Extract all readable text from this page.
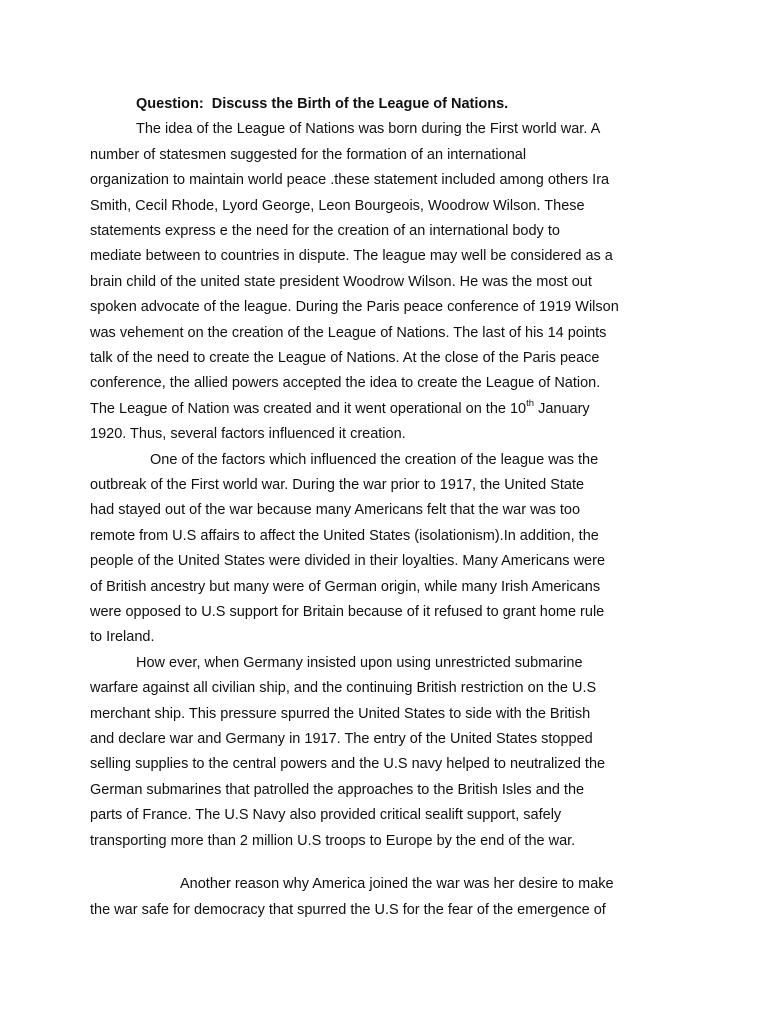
Question:  Discuss the Birth of the League of Nations.
The idea of the League of Nations was born during the First world war. A
number of statesmen suggested for the formation of an international
organization to maintain world peace .these statement included among others Ira
Smith, Cecil Rhode, Lyord George, Leon Bourgeois, Woodrow Wilson. These
statements express e the need for the creation of an international body to
mediate between to countries in dispute. The league may well be considered as a
brain child of the united state president Woodrow Wilson. He was the most out
spoken advocate of the league. During the Paris peace conference of 1919 Wilson
was vehement on the creation of the League of Nations. The last of his 14 points
talk of the need to create the League of Nations. At the close of the Paris peace
conference, the allied powers accepted the idea to create the League of Nation.
The League of Nation was created and it went operational on the 10th January
1920. Thus, several factors influenced it creation.
One of the factors which influenced the creation of the league was the
outbreak of the First world war. During the war prior to 1917, the United State
had stayed out of the war because many Americans felt that the war was too
remote from U.S affairs to affect the United States (isolationism).In addition, the
people of the United States were divided in their loyalties. Many Americans were
of British ancestry but many were of German origin, while many Irish Americans
were opposed to U.S support for Britain because of it refused to grant home rule
to Ireland.
How ever, when Germany insisted upon using unrestricted submarine
warfare against all civilian ship, and the continuing British restriction on the U.S
merchant ship. This pressure spurred the United States to side with the British
and declare war and Germany in 1917. The entry of the United States stopped
selling supplies to the central powers and the U.S navy helped to neutralized the
German submarines that patrolled the approaches to the British Isles and the
parts of France. The U.S Navy also provided critical sealift support, safely
transporting more than 2 million U.S troops to Europe by the end of the war.
Another reason why America joined the war was her desire to make
the war safe for democracy that spurred the U.S for the fear of the emergence of
